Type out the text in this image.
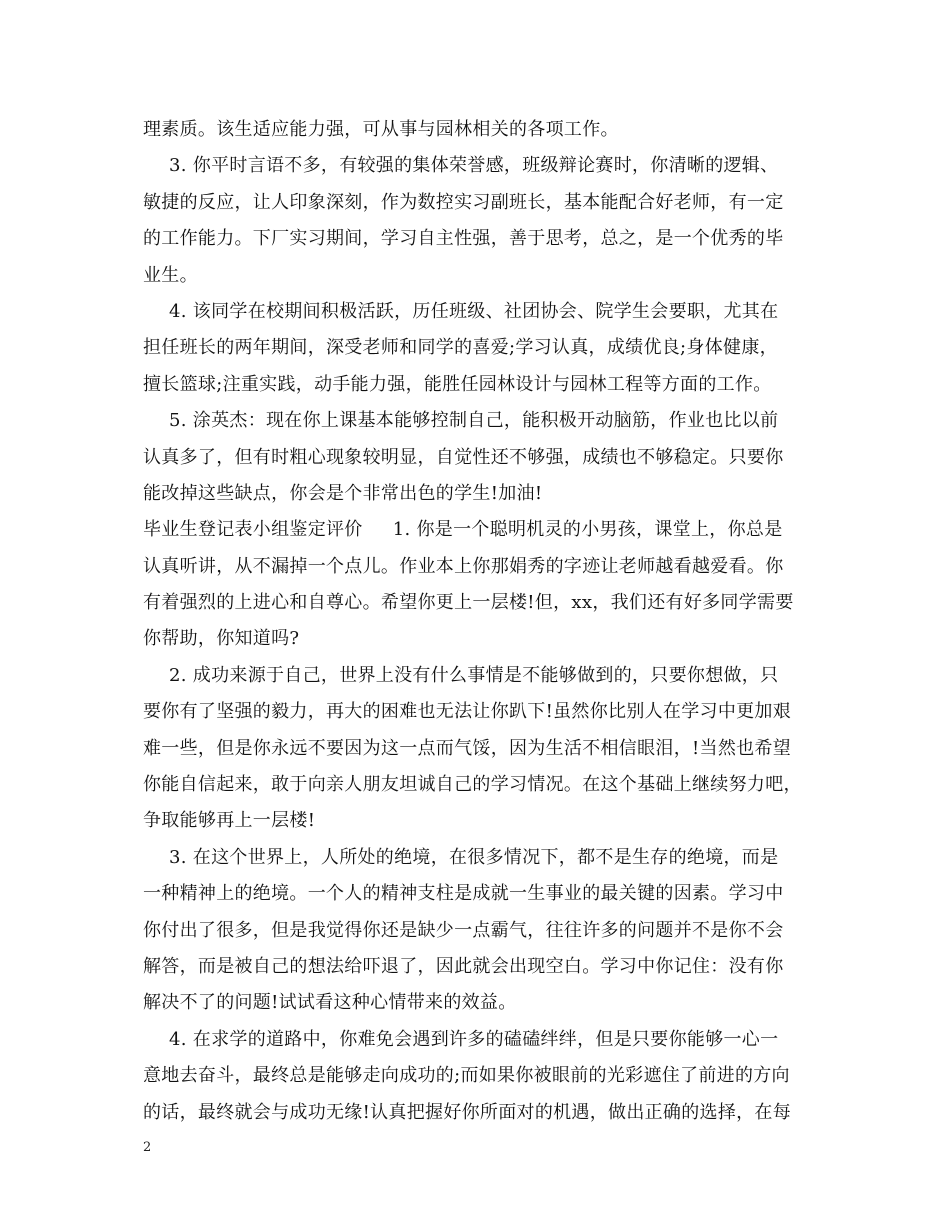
理素质。该生适应能力强，可从事与园林相关的各项工作。
3. 你平时言语不多，有较强的集体荣誉感，班级辩论赛时，你清晰的逻辑、
敏捷的反应，让人印象深刻，作为数控实习副班长，基本能配合好老师，有一定
的工作能力。下厂实习期间，学习自主性强，善于思考，总之，是一个优秀的毕
业生。
4. 该同学在校期间积极活跃，历任班级、社团协会、院学生会要职，尤其在
担任班长的两年期间，深受老师和同学的喜爱;学习认真，成绩优良;身体健康，
擅长篮球;注重实践，动手能力强，能胜任园林设计与园林工程等方面的工作。
5. 涂英杰：现在你上课基本能够控制自己，能积极开动脑筋，作业也比以前
认真多了，但有时粗心现象较明显，自觉性还不够强，成绩也不够稳定。只要你
能改掉这些缺点，你会是个非常出色的学生!加油!
毕业生登记表小组鉴定评价     1. 你是一个聪明机灵的小男孩，课堂上，你总是
认真听讲，从不漏掉一个点儿。作业本上你那娟秀的字迹让老师越看越爱看。你
有着强烈的上进心和自尊心。希望你更上一层楼!但，xx，我们还有好多同学需要
你帮助，你知道吗?
2. 成功来源于自己，世界上没有什么事情是不能够做到的，只要你想做，只
要你有了坚强的毅力，再大的困难也无法让你趴下!虽然你比别人在学习中更加艰
难一些，但是你永远不要因为这一点而气馁，因为生活不相信眼泪，!当然也希望
你能自信起来，敢于向亲人朋友坦诚自己的学习情况。在这个基础上继续努力吧，
争取能够再上一层楼!
3. 在这个世界上，人所处的绝境，在很多情况下，都不是生存的绝境，而是
一种精神上的绝境。一个人的精神支柱是成就一生事业的最关键的因素。学习中
你付出了很多，但是我觉得你还是缺少一点霸气，往往许多的问题并不是你不会
解答，而是被自己的想法给吓退了，因此就会出现空白。学习中你记住：没有你
解决不了的问题!试试看这种心情带来的效益。
4. 在求学的道路中，你难免会遇到许多的磕磕绊绊，但是只要你能够一心一
意地去奋斗，最终总是能够走向成功的;而如果你被眼前的光彩遮住了前进的方向
的话，最终就会与成功无缘!认真把握好你所面对的机遇，做出正确的选择，在每
2
